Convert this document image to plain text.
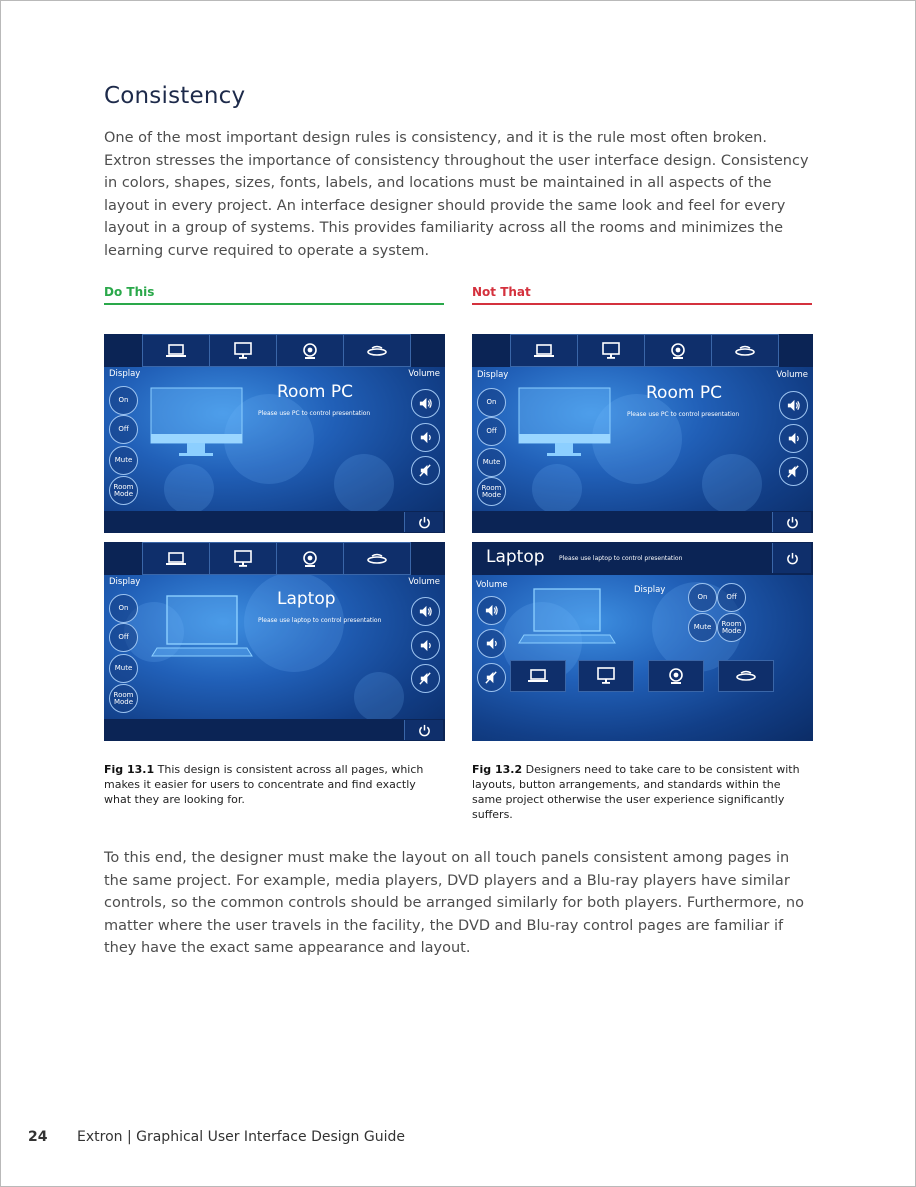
Consistency
One of the most important design rules is consistency, and it is the rule most often broken. Extron stresses the importance of consistency throughout the user interface design. Consistency in colors, shapes, sizes, fonts, labels, and locations must be maintained in all aspects of the layout in every project. An interface designer should provide the same look and feel for every layout in a group of systems. This provides familiarity across all the rooms and minimizes the learning curve required to operate a system.
Do This	Not That
Display	Volume
On
Off
Mute
Room
Mode
Room PC
Please use PC to control presentation
Display	Volume
On
Off
Mute
Room
Mode
Laptop
Please use laptop to control presentation
Display	Volume
On
Off
Mute
Room
Mode
Room PC
Please use PC to control presentation
Laptop Please use laptop to control presentation
Volume	Display
On	Off
Mute	Room
Mode
Fig 13.1 This design is consistent across all pages, which makes it easier for users to concentrate and find exactly what they are looking for.
Fig 13.2 Designers need to take care to be consistent with layouts, button arrangements, and standards within the same project otherwise the user experience significantly suffers.
To this end, the designer must make the layout on all touch panels consistent among pages in the same project. For example, media players, DVD players and a Blu-ray players have similar controls, so the common controls should be arranged similarly for both players. Furthermore, no matter where the user travels in the facility, the DVD and Blu-ray control pages are familiar if they have the exact same appearance and layout.
24 Extron | Graphical User Interface Design Guide
